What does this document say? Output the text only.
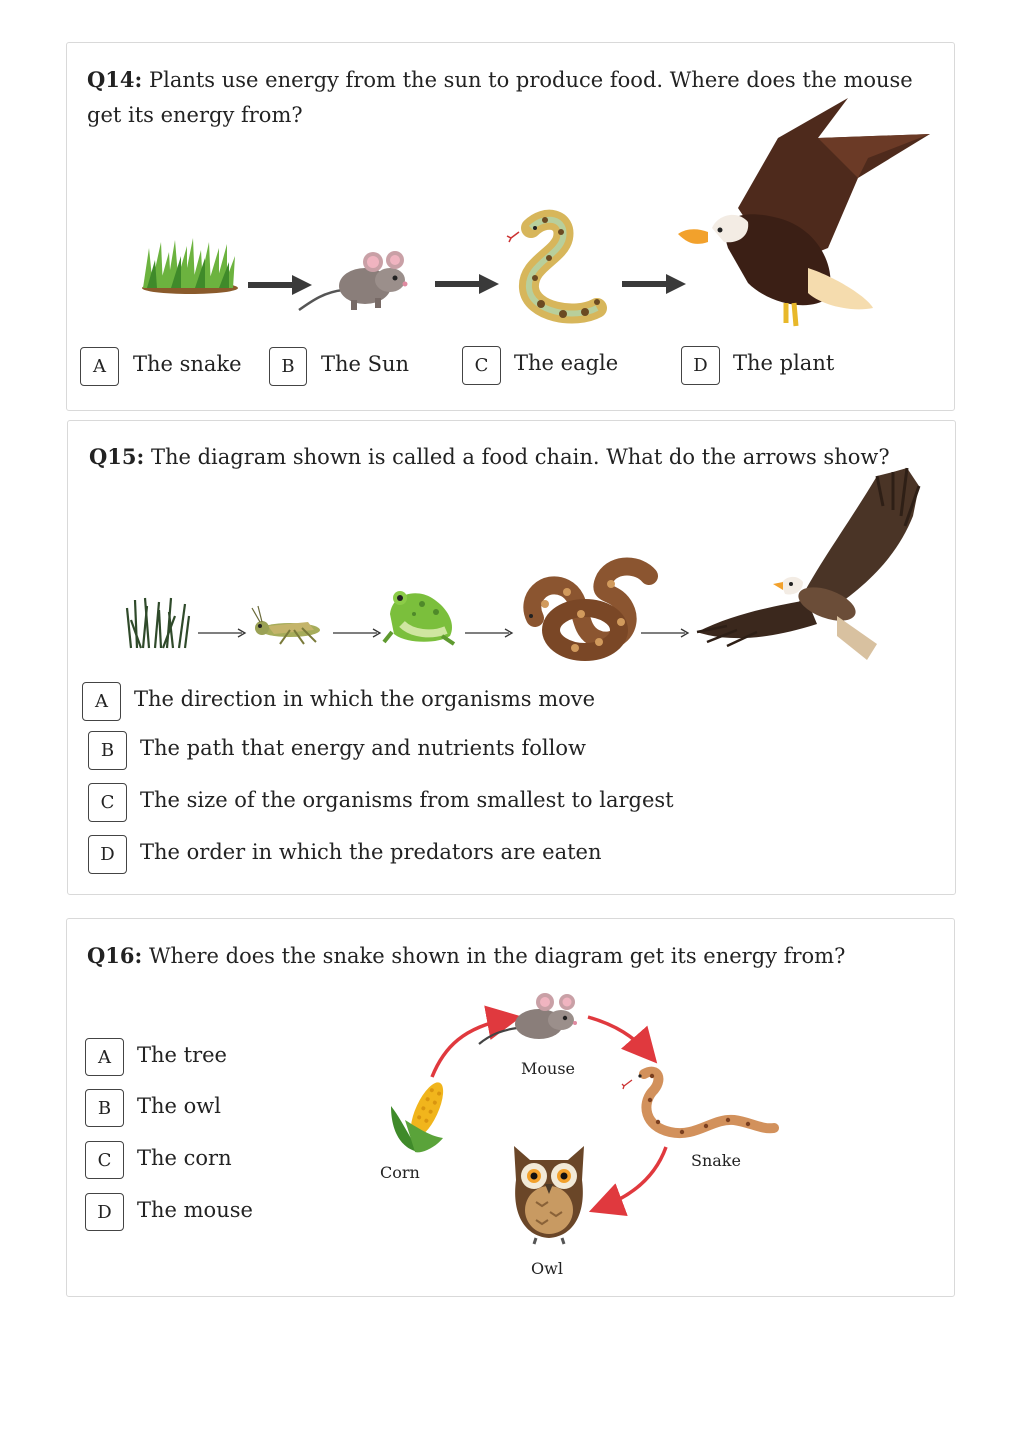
Q14: Plants use energy from the sun to produce food. Where does the mouse get its energy from?
A The snake B The Sun	C The eagle	D The plant
Q15: The diagram shown is called a food chain. What do the arrows show?
A The direction in which the organisms move
B The path that energy and nutrients follow
C The size of the organisms from smallest to largest
D The order in which the predators are eaten
Q16: Where does the snake shown in the diagram get its energy from?
A The tree
B The owl
C The corn
D The mouse
Mouse
Corn
Snake
Owl
